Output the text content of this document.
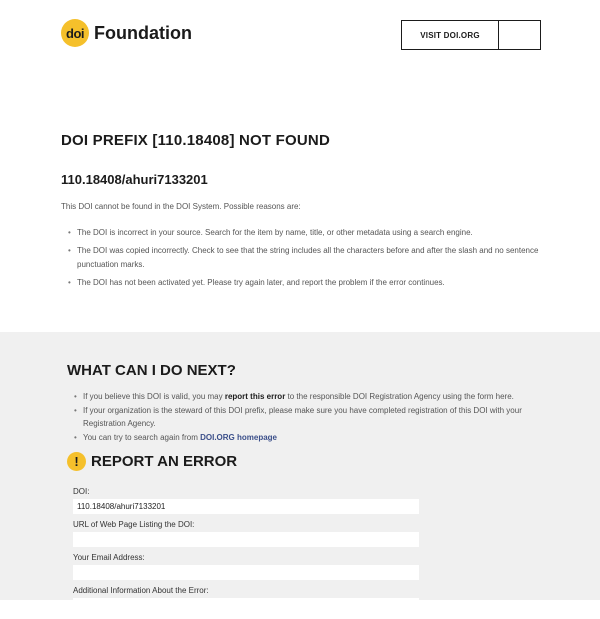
doi Foundation	VISIT DOI.ORG
DOI PREFIX [110.18408] NOT FOUND
110.18408/ahuri7133201
This DOI cannot be found in the DOI System. Possible reasons are:
• The DOI is incorrect in your source. Search for the item by name, title, or other metadata using a search engine.
• The DOI was copied incorrectly. Check to see that the string includes all the characters before and after the slash and no sentence punctuation marks.
• The DOI has not been activated yet. Please try again later, and report the problem if the error continues.
WHAT CAN I DO NEXT?
• If you believe this DOI is valid, you may report this error to the responsible DOI Registration Agency using the form here.
• If your organization is the steward of this DOI prefix, please make sure you have completed registration of this DOI with your Registration Agency.
• You can try to search again from DOI.ORG homepage
! REPORT AN ERROR
DOI:
110.18408/ahuri7133201
URL of Web Page Listing the DOI:
Your Email Address:
Additional Information About the Error:
